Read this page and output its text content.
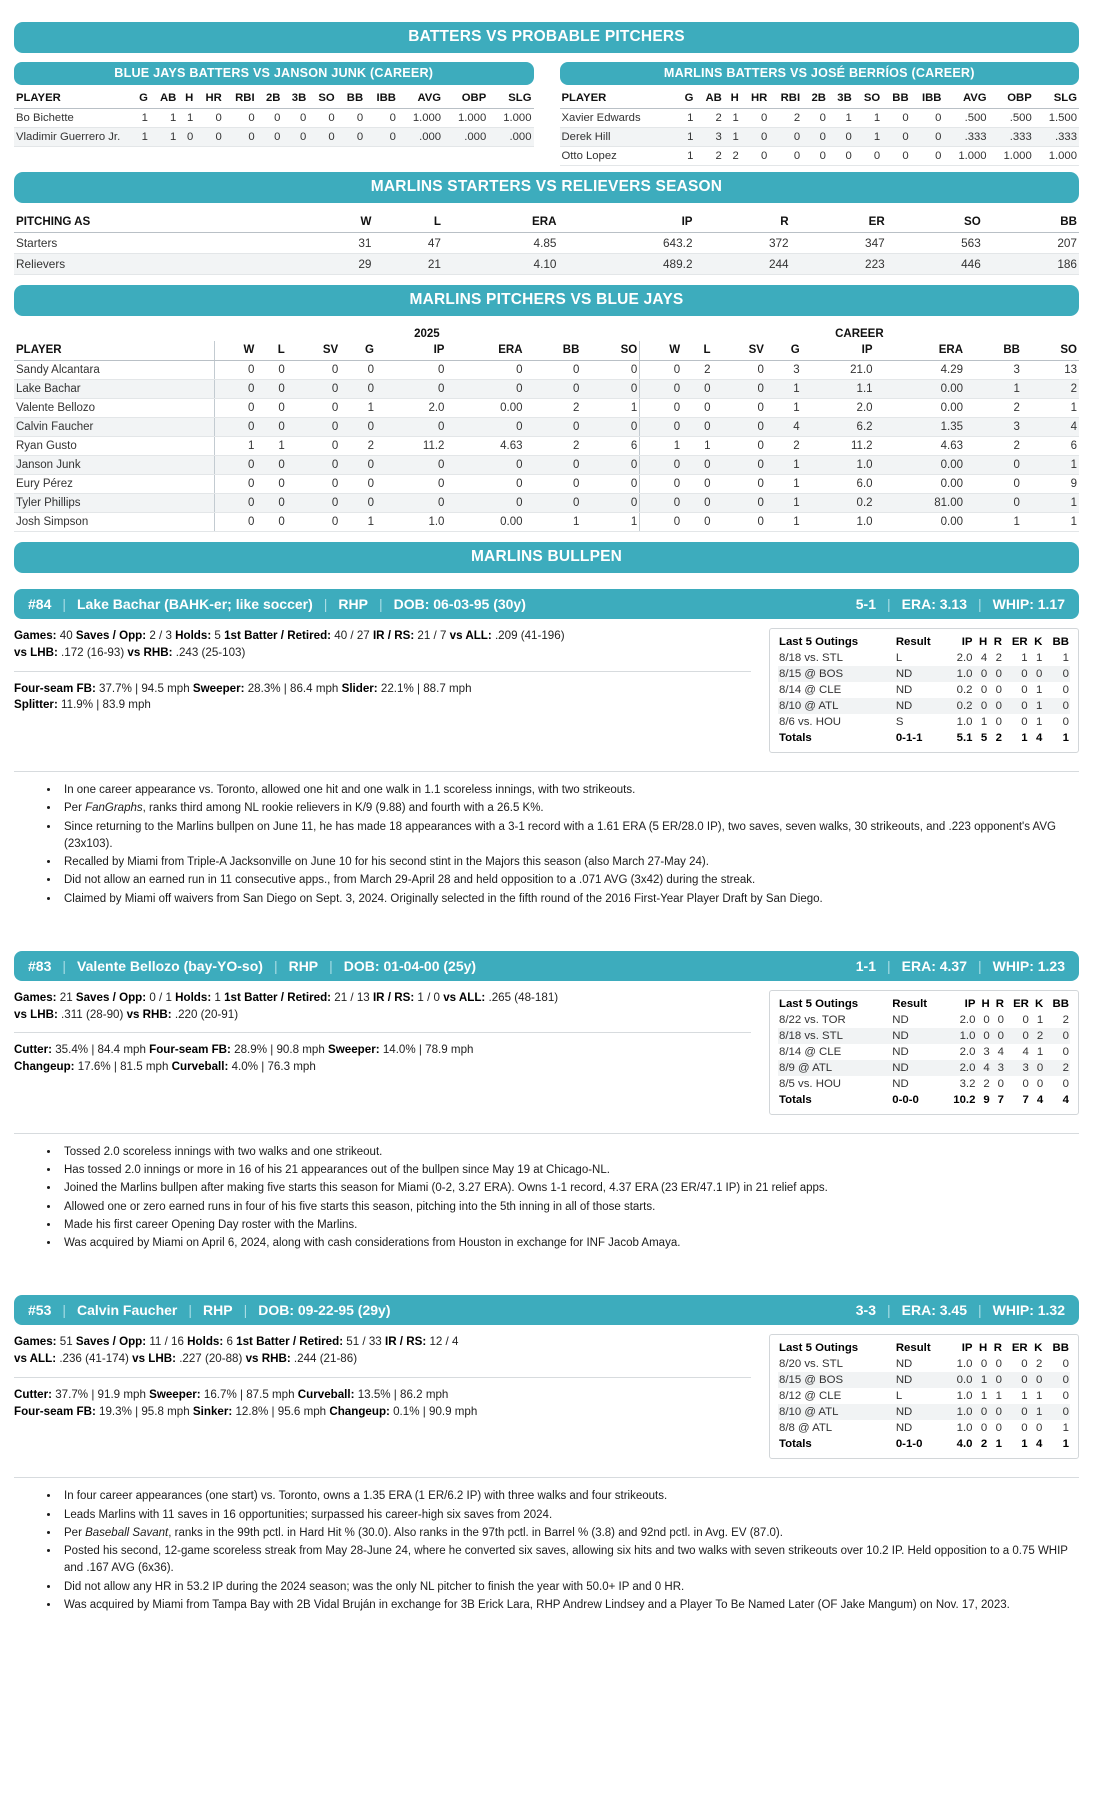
BATTERS VS PROBABLE PITCHERS
BLUE JAYS BATTERS VS JANSON JUNK (CAREER)
PLAYER	G	AB	H	HR	RBI	2B	3B	SO	BB	IBB	AVG	OBP	SLG
Bo Bichette	1	1	1	0	0	0	0	0	0	0	1.000	1.000	1.000
Vladimir Guerrero Jr.	1	1	0	0	0	0	0	0	0	0	.000	.000	.000
MARLINS BATTERS VS JOSÉ BERRÍOS (CAREER)
PLAYER	G	AB	H	HR	RBI	2B	3B	SO	BB	IBB	AVG	OBP	SLG
Xavier Edwards	1	2	1	0	2	0	1	1	0	0	.500	.500	1.500
Derek Hill	1	3	1	0	0	0	0	1	0	0	.333	.333	.333
Otto Lopez	1	2	2	0	0	0	0	0	0	0	1.000	1.000	1.000
MARLINS STARTERS VS RELIEVERS SEASON
PITCHING AS	W	L	ERA	IP	R	ER	SO	BB
Starters	31	47	4.85	643.2	372	347	563	207
Relievers	29	21	4.10	489.2	244	223	446	186
MARLINS PITCHERS VS BLUE JAYS
	2025								CAREER							
PLAYER	W	L	SV	G	IP	ERA	BB	SO	W	L	SV	G	IP	ERA	BB	SO
Sandy Alcantara	0	0	0	0	0	0	0	0	0	2	0	3	21.0	4.29	3	13
Lake Bachar	0	0	0	0	0	0	0	0	0	0	0	1	1.1	0.00	1	2
Valente Bellozo	0	0	0	1	2.0	0.00	2	1	0	0	0	1	2.0	0.00	2	1
Calvin Faucher	0	0	0	0	0	0	0	0	0	0	0	4	6.2	1.35	3	4
Ryan Gusto	1	1	0	2	11.2	4.63	2	6	1	1	0	2	11.2	4.63	2	6
Janson Junk	0	0	0	0	0	0	0	0	0	0	0	1	1.0	0.00	0	1
Eury Pérez	0	0	0	0	0	0	0	0	0	0	0	1	6.0	0.00	0	9
Tyler Phillips	0	0	0	0	0	0	0	0	0	0	0	1	0.2	81.00	0	1
Josh Simpson	0	0	0	1	1.0	0.00	1	1	0	0	0	1	1.0	0.00	1	1
MARLINS BULLPEN
#84 | Lake Bachar (BAHK-er; like soccer) | RHP | DOB: 06-03-95 (30y)	5-1 | ERA: 3.13 | WHIP: 1.17
Games: 40 Saves / Opp: 2 / 3 Holds: 5 1st Batter / Retired: 40 / 27 IR / RS: 21 / 7 vs ALL: .209 (41-196)
vs LHB: .172 (16-93) vs RHB: .243 (25-103)
Four-seam FB: 37.7% | 94.5 mph Sweeper: 28.3% | 86.4 mph Slider: 22.1% | 88.7 mph
Splitter: 11.9% | 83.9 mph
Last 5 Outings	Result	IP	H	R	ER	K	BB
8/18 vs. STL	L	2.0	4	2	1	1	1
8/15 @ BOS	ND	1.0	0	0	0	0	0
8/14 @ CLE	ND	0.2	0	0	0	1	0
8/10 @ ATL	ND	0.2	0	0	0	1	0
8/6 vs. HOU	S	1.0	1	0	0	1	0
Totals	0-1-1	5.1	5	2	1	4	1
• In one career appearance vs. Toronto, allowed one hit and one walk in 1.1 scoreless innings, with two strikeouts.
• Per FanGraphs, ranks third among NL rookie relievers in K/9 (9.88) and fourth with a 26.5 K%.
• Since returning to the Marlins bullpen on June 11, he has made 18 appearances with a 3-1 record with a 1.61 ERA (5 ER/28.0 IP), two saves, seven walks, 30 strikeouts, and .223 opponent's AVG (23x103).
• Recalled by Miami from Triple-A Jacksonville on June 10 for his second stint in the Majors this season (also March 27-May 24).
• Did not allow an earned run in 11 consecutive apps., from March 29-April 28 and held opposition to a .071 AVG (3x42) during the streak.
• Claimed by Miami off waivers from San Diego on Sept. 3, 2024. Originally selected in the fifth round of the 2016 First-Year Player Draft by San Diego.
#83 | Valente Bellozo (bay-YO-so) | RHP | DOB: 01-04-00 (25y)	1-1 | ERA: 4.37 | WHIP: 1.23
Games: 21 Saves / Opp: 0 / 1 Holds: 1 1st Batter / Retired: 21 / 13 IR / RS: 1 / 0 vs ALL: .265 (48-181)
vs LHB: .311 (28-90) vs RHB: .220 (20-91)
Cutter: 35.4% | 84.4 mph Four-seam FB: 28.9% | 90.8 mph Sweeper: 14.0% | 78.9 mph
Changeup: 17.6% | 81.5 mph Curveball: 4.0% | 76.3 mph
Last 5 Outings	Result	IP	H	R	ER	K	BB
8/22 vs. TOR	ND	2.0	0	0	0	1	2
8/18 vs. STL	ND	1.0	0	0	0	2	0
8/14 @ CLE	ND	2.0	3	4	4	1	0
8/9 @ ATL	ND	2.0	4	3	3	0	2
8/5 vs. HOU	ND	3.2	2	0	0	0	0
Totals	0-0-0	10.2	9	7	7	4	4
• Tossed 2.0 scoreless innings with two walks and one strikeout.
• Has tossed 2.0 innings or more in 16 of his 21 appearances out of the bullpen since May 19 at Chicago-NL.
• Joined the Marlins bullpen after making five starts this season for Miami (0-2, 3.27 ERA). Owns 1-1 record, 4.37 ERA (23 ER/47.1 IP) in 21 relief apps.
• Allowed one or zero earned runs in four of his five starts this season, pitching into the 5th inning in all of those starts.
• Made his first career Opening Day roster with the Marlins.
• Was acquired by Miami on April 6, 2024, along with cash considerations from Houston in exchange for INF Jacob Amaya.
#53 | Calvin Faucher | RHP | DOB: 09-22-95 (29y)	3-3 | ERA: 3.45 | WHIP: 1.32
Games: 51 Saves / Opp: 11 / 16 Holds: 6 1st Batter / Retired: 51 / 33 IR / RS: 12 / 4
vs ALL: .236 (41-174) vs LHB: .227 (20-88) vs RHB: .244 (21-86)
Cutter: 37.7% | 91.9 mph Sweeper: 16.7% | 87.5 mph Curveball: 13.5% | 86.2 mph
Four-seam FB: 19.3% | 95.8 mph Sinker: 12.8% | 95.6 mph Changeup: 0.1% | 90.9 mph
Last 5 Outings	Result	IP	H	R	ER	K	BB
8/20 vs. STL	ND	1.0	0	0	0	2	0
8/15 @ BOS	ND	0.0	1	0	0	0	0
8/12 @ CLE	L	1.0	1	1	1	1	0
8/10 @ ATL	ND	1.0	0	0	0	1	0
8/8 @ ATL	ND	1.0	0	0	0	0	1
Totals	0-1-0	4.0	2	1	1	4	1
• In four career appearances (one start) vs. Toronto, owns a 1.35 ERA (1 ER/6.2 IP) with three walks and four strikeouts.
• Leads Marlins with 11 saves in 16 opportunities; surpassed his career-high six saves from 2024.
• Per Baseball Savant, ranks in the 99th pctl. in Hard Hit % (30.0). Also ranks in the 97th pctl. in Barrel % (3.8) and 92nd pctl. in Avg. EV (87.0).
• Posted his second, 12-game scoreless streak from May 28-June 24, where he converted six saves, allowing six hits and two walks with seven strikeouts over 10.2 IP. Held opposition to a 0.75 WHIP and .167 AVG (6x36).
• Did not allow any HR in 53.2 IP during the 2024 season; was the only NL pitcher to finish the year with 50.0+ IP and 0 HR.
• Was acquired by Miami from Tampa Bay with 2B Vidal Bruján in exchange for 3B Erick Lara, RHP Andrew Lindsey and a Player To Be Named Later (OF Jake Mangum) on Nov. 17, 2023.
